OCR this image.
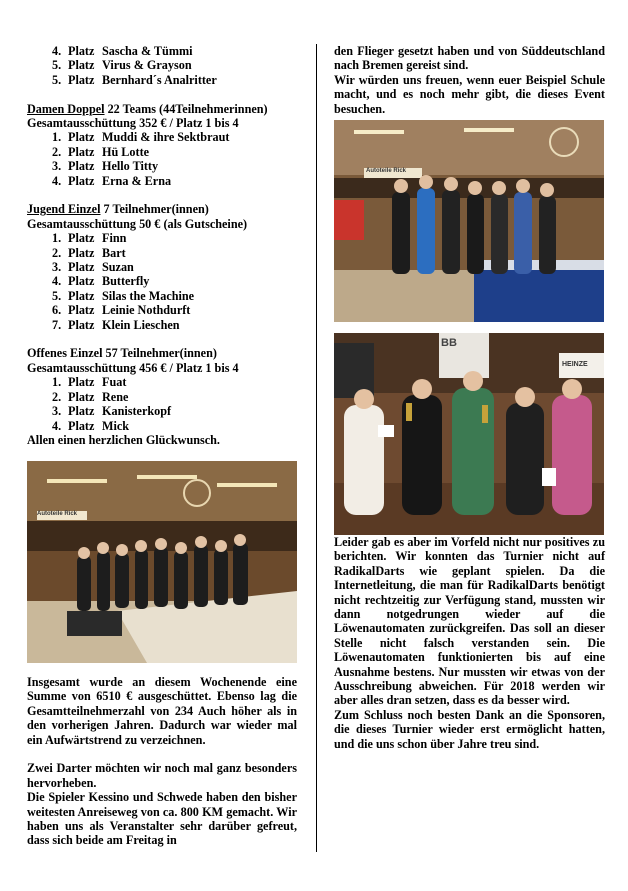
4. Platz Sascha & Tümmi
5. Platz Virus & Grayson
5. Platz Bernhard´s Analritter

Damen Doppel 22 Teams (44Teilnehmerinnen)

Gesamtausschüttung 352 € / Platz 1 bis 4

1. Platz Muddi & ihre Sektbraut
2. Platz Hü Lotte
3. Platz Hello Titty
4. Platz Erna & Erna

Jugend Einzel 7 Teilnehmer(innen)

Gesamtausschüttung 50 € (als Gutscheine)

1. Platz Finn
2. Platz Bart
3. Platz Suzan
4. Platz Butterfly
5. Platz Silas the Machine
6. Platz Leinie Nothdurft
7. Platz Klein Lieschen

Offenes Einzel 57 Teilnehmer(innen)

Gesamtausschüttung 456 € / Platz 1 bis 4

1. Platz Fuat
2. Platz Rene
3. Platz Kanisterkopf
4. Platz Mick

Allen einen herzlichen Glückwunsch.

Autoteile Rick

Insgesamt wurde an diesem Wochenende eine Summe von 6510 € ausgeschüttet. Ebenso lag die Gesamtteilnehmerzahl von 234 Auch höher als in den vorherigen Jahren. Dadurch war wieder mal ein Aufwärtstrend zu verzeichnen.

Zwei Darter möchten wir noch mal ganz besonders hervorheben.

Die Spieler Kessino und Schwede haben den bisher weitesten Anreiseweg von ca. 800 KM gemacht. Wir haben uns als Veranstalter sehr darüber gefreut, dass sich beide am Freitag in

den Flieger gesetzt haben und von Süddeutschland nach Bremen gereist sind.

Wir würden uns freuen, wenn euer Beispiel Schule macht, und es noch mehr gibt, die dieses Event besuchen.

Autoteile Rick
BB
HEINZE

Leider gab es aber im Vorfeld nicht nur positives zu berichten. Wir konnten das Turnier nicht auf RadikalDarts wie geplant spielen. Da die Internetleitung, die man für RadikalDarts benötigt nicht rechtzeitig zur Verfügung stand, mussten wir dann notgedrungen wieder auf die Löwenautomaten zurückgreifen. Das soll an dieser Stelle nicht falsch verstanden sein. Die Löwenautomaten funktionierten bis auf eine Ausnahme bestens. Nur mussten wir etwas von der Ausschreibung abweichen. Für 2018 werden wir aber alles dran setzen, dass es da besser wird.

Zum Schluss noch besten Dank an die Sponsoren, die dieses Turnier wieder erst ermöglicht hatten, und die uns schon über Jahre treu sind.
